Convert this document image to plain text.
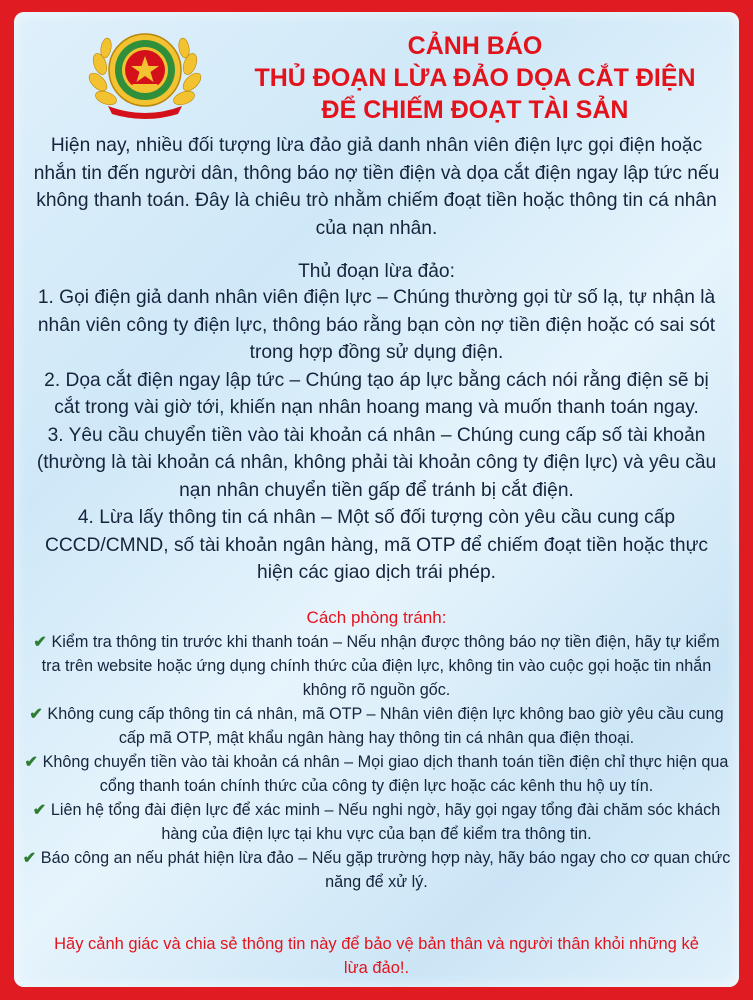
CẢNH BÁO
THỦ ĐOẠN LỪA ĐẢO DỌA CẮT ĐIỆN
ĐỂ CHIẾM ĐOẠT TÀI SẢN
Hiện nay, nhiều đối tượng lừa đảo giả danh nhân viên điện lực gọi điện hoặc nhắn tin đến người dân, thông báo nợ tiền điện và dọa cắt điện ngay lập tức nếu không thanh toán. Đây là chiêu trò nhằm chiếm đoạt tiền hoặc thông tin cá nhân của nạn nhân.
Thủ đoạn lừa đảo:

1. Gọi điện giả danh nhân viên điện lực – Chúng thường gọi từ số lạ, tự nhận là nhân viên công ty điện lực, thông báo rằng bạn còn nợ tiền điện hoặc có sai sót trong hợp đồng sử dụng điện.

2. Dọa cắt điện ngay lập tức – Chúng tạo áp lực bằng cách nói rằng điện sẽ bị cắt trong vài giờ tới, khiến nạn nhân hoang mang và muốn thanh toán ngay.

3. Yêu cầu chuyển tiền vào tài khoản cá nhân – Chúng cung cấp số tài khoản (thường là tài khoản cá nhân, không phải tài khoản công ty điện lực) và yêu cầu nạn nhân chuyển tiền gấp để tránh bị cắt điện.

4. Lừa lấy thông tin cá nhân – Một số đối tượng còn yêu cầu cung cấp CCCD/CMND, số tài khoản ngân hàng, mã OTP để chiếm đoạt tiền hoặc thực hiện các giao dịch trái phép.

Cách phòng tránh:

✔ Kiểm tra thông tin trước khi thanh toán – Nếu nhận được thông báo nợ tiền điện, hãy tự kiểm tra trên website hoặc ứng dụng chính thức của điện lực, không tin vào cuộc gọi hoặc tin nhắn không rõ nguồn gốc.

✔ Không cung cấp thông tin cá nhân, mã OTP – Nhân viên điện lực không bao giờ yêu cầu cung cấp mã OTP, mật khẩu ngân hàng hay thông tin cá nhân qua điện thoại.

✔ Không chuyển tiền vào tài khoản cá nhân – Mọi giao dịch thanh toán tiền điện chỉ thực hiện qua cổng thanh toán chính thức của công ty điện lực hoặc các kênh thu hộ uy tín.

✔ Liên hệ tổng đài điện lực để xác minh – Nếu nghi ngờ, hãy gọi ngay tổng đài chăm sóc khách hàng của điện lực tại khu vực của bạn để kiểm tra thông tin.

✔ Báo công an nếu phát hiện lừa đảo – Nếu gặp trường hợp này, hãy báo ngay cho cơ quan chức năng để xử lý.

Hãy cảnh giác và chia sẻ thông tin này để bảo vệ bản thân và người thân khỏi những kẻ lừa đảo!.
